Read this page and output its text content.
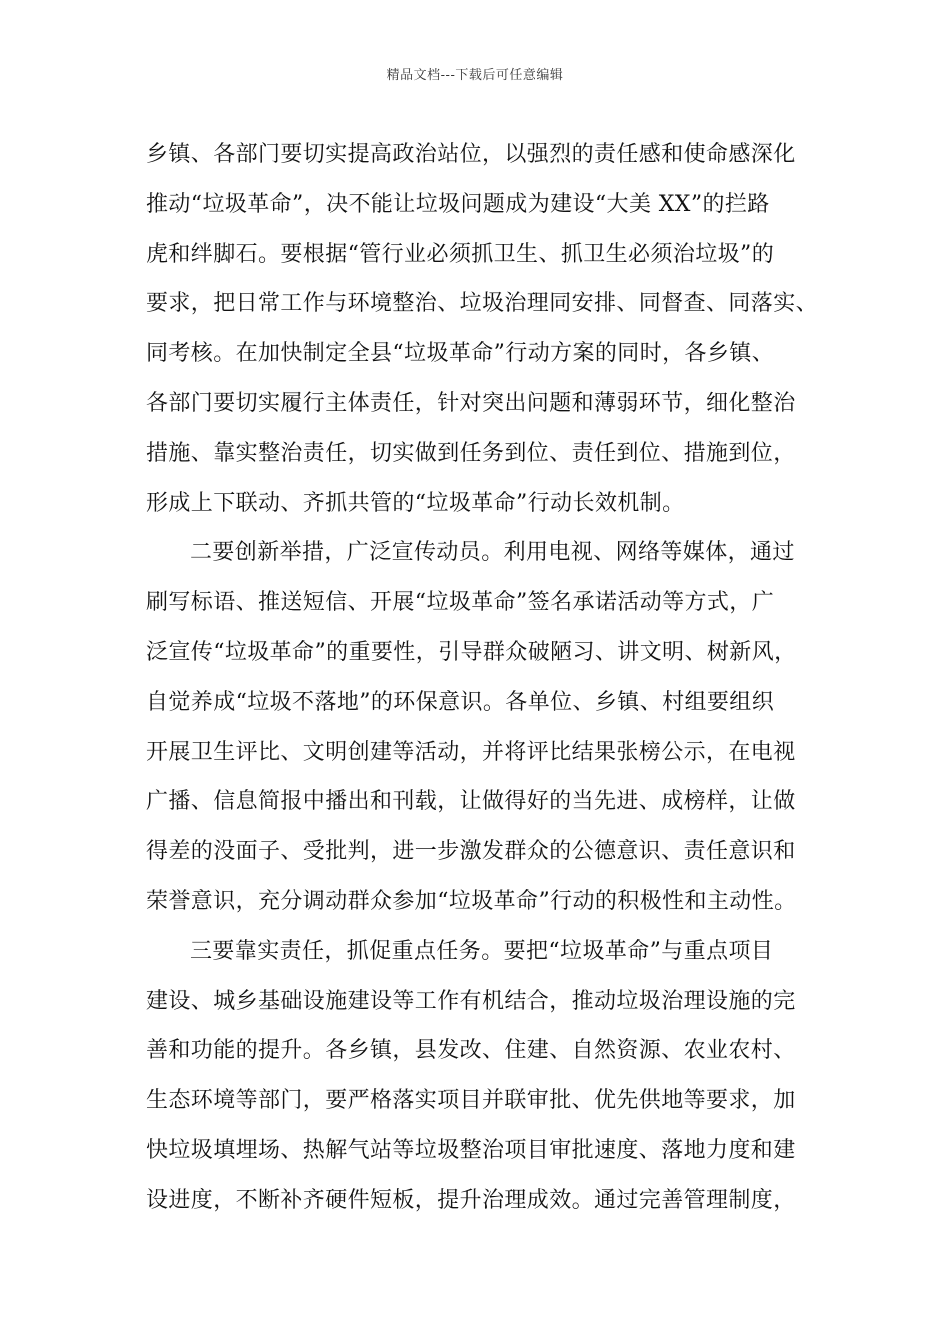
精品文档---下载后可任意编辑
乡镇、各部门要切实提高政治站位，以强烈的责任感和使命感深化
推动“垃圾革命”，决不能让垃圾问题成为建设“大美 XX”的拦路
虎和绊脚石。要根据“管行业必须抓卫生、抓卫生必须治垃圾”的
要求，把日常工作与环境整治、垃圾治理同安排、同督查、同落实、
同考核。在加快制定全县“垃圾革命”行动方案的同时，各乡镇、
各部门要切实履行主体责任，针对突出问题和薄弱环节，细化整治
措施、靠实整治责任，切实做到任务到位、责任到位、措施到位，
形成上下联动、齐抓共管的“垃圾革命”行动长效机制。
二要创新举措，广泛宣传动员。利用电视、网络等媒体，通过
刷写标语、推送短信、开展“垃圾革命”签名承诺活动等方式，广
泛宣传“垃圾革命”的重要性，引导群众破陋习、讲文明、树新风，
自觉养成“垃圾不落地”的环保意识。各单位、乡镇、村组要组织
开展卫生评比、文明创建等活动，并将评比结果张榜公示，在电视
广播、信息简报中播出和刊载，让做得好的当先进、成榜样，让做
得差的没面子、受批判，进一步激发群众的公德意识、责任意识和
荣誉意识，充分调动群众参加“垃圾革命”行动的积极性和主动性。
三要靠实责任，抓促重点任务。要把“垃圾革命”与重点项目
建设、城乡基础设施建设等工作有机结合，推动垃圾治理设施的完
善和功能的提升。各乡镇，县发改、住建、自然资源、农业农村、
生态环境等部门，要严格落实项目并联审批、优先供地等要求，加
快垃圾填埋场、热解气站等垃圾整治项目审批速度、落地力度和建
设进度，不断补齐硬件短板，提升治理成效。通过完善管理制度，
